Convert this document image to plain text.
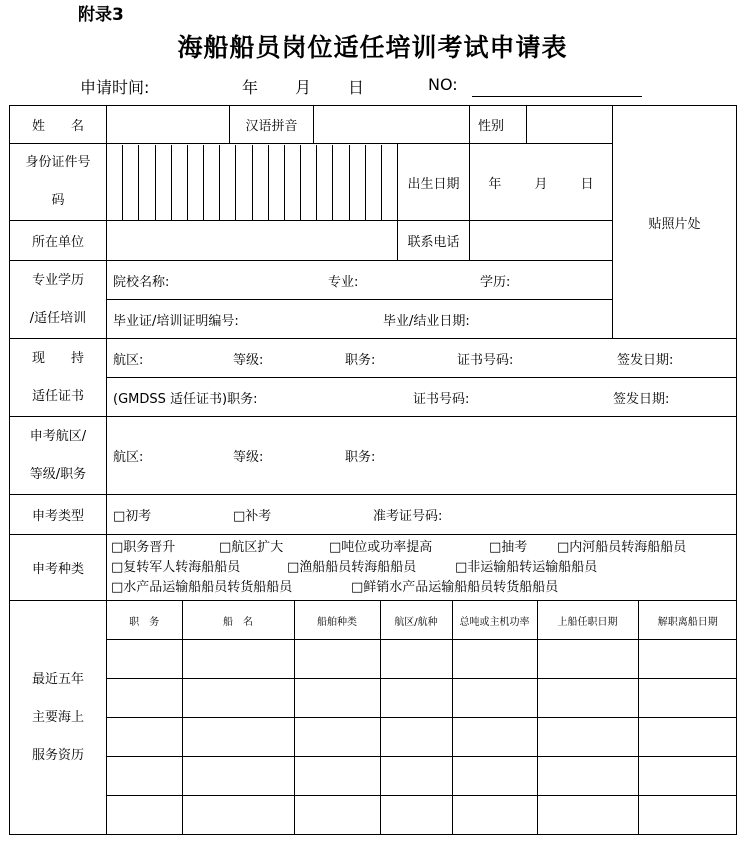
附录3
海船船员岗位适任培训考试申请表
申请时间:	年 月 日	NO:
姓　　名		汉语拼音		性别		贴照片处

身份证件号
码

	出生日期	年	月	日
所在单位		联系电话	

专业学历
/适任培训
	院校名称:	专业:	学历:
毕业证/培训证明编号:	毕业/结业日期:

现　　持
适任证书
	航区:	等级:	职务:	证书号码:	签发日期:
(GMDSS 适任证书)职务:	证书号码:	签发日期:

申考航区/
等级/职务
	航区:	等级:	职务:
申考类型	□初考	□补考	准考证号码:
申考种类	
□职务晋升	□航区扩大	□吨位或功率提高	□抽考 □内河船员转海船船员
□复转军人转海船船员	□渔船船员转海船船员	□非运输船转运输船船员
□水产品运输船船员转货船船员	□鲜销水产品运输船船员转货船船员

最近五年
主要海上
服务资历

职　务	船　名	船舶种类	航区/航种	总吨或主机功率	上船任职日期	解职离船日期
